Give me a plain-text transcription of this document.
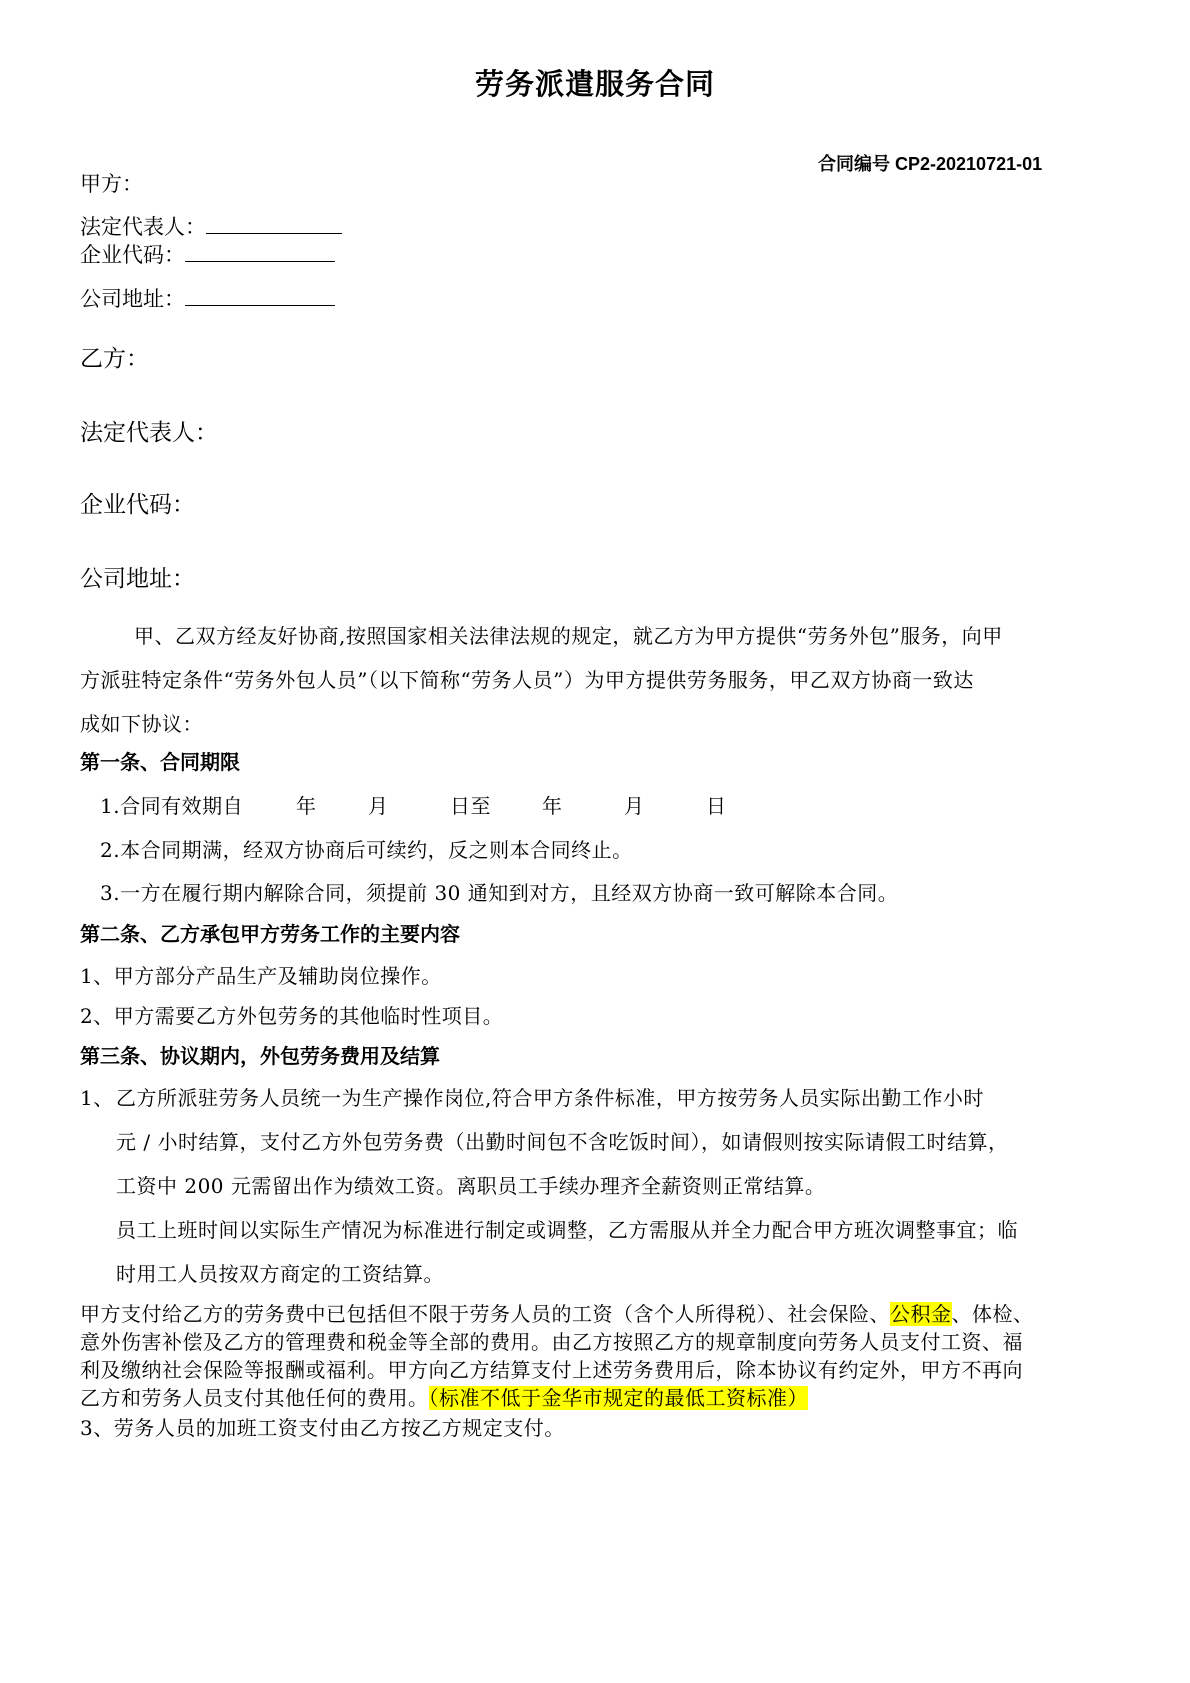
劳务派遣服务合同
合同编号 CP2-20210721-01
甲方：
法定代表人：
企业代码：
公司地址：
乙方：
法定代表人：
企业代码：
公司地址：
甲、乙双方经友好协商,按照国家相关法律法规的规定，就乙方为甲方提供“劳务外包”服务，向甲
方派驻特定条件“劳务外包人员”（以下简称“劳务人员”）为甲方提供劳务服务，甲乙双方协商一致达
成如下协议：
第一条、合同期限
1.合同有效期自	年	月	日至	年	月	日
2.本合同期满，经双方协商后可续约，反之则本合同终止。
3.一方在履行期内解除合同，须提前 30 通知到对方，且经双方协商一致可解除本合同。
第二条、乙方承包甲方劳务工作的主要内容
1、甲方部分产品生产及辅助岗位操作。
2、甲方需要乙方外包劳务的其他临时性项目。
第三条、协议期内，外包劳务费用及结算
1、 乙方所派驻劳务人员统一为生产操作岗位,符合甲方条件标准，甲方按劳务人员实际出勤工作小时
元 / 小时结算，支付乙方外包劳务费（出勤时间包不含吃饭时间），如请假则按实际请假工时结算，
工资中 200 元需留出作为绩效工资。离职员工手续办理齐全薪资则正常结算。
员工上班时间以实际生产情况为标准进行制定或调整，乙方需服从并全力配合甲方班次调整事宜；临
时用工人员按双方商定的工资结算。
甲方支付给乙方的劳务费中已包括但不限于劳务人员的工资（含个人所得税）、社会保险、公积金、体检、
意外伤害补偿及乙方的管理费和税金等全部的费用。由乙方按照乙方的规章制度向劳务人员支付工资、福
利及缴纳社会保险等报酬或福利。甲方向乙方结算支付上述劳务费用后，除本协议有约定外，甲方不再向
乙方和劳务人员支付其他任何的费用。（标准不低于金华市规定的最低工资标准）
3、劳务人员的加班工资支付由乙方按乙方规定支付。
